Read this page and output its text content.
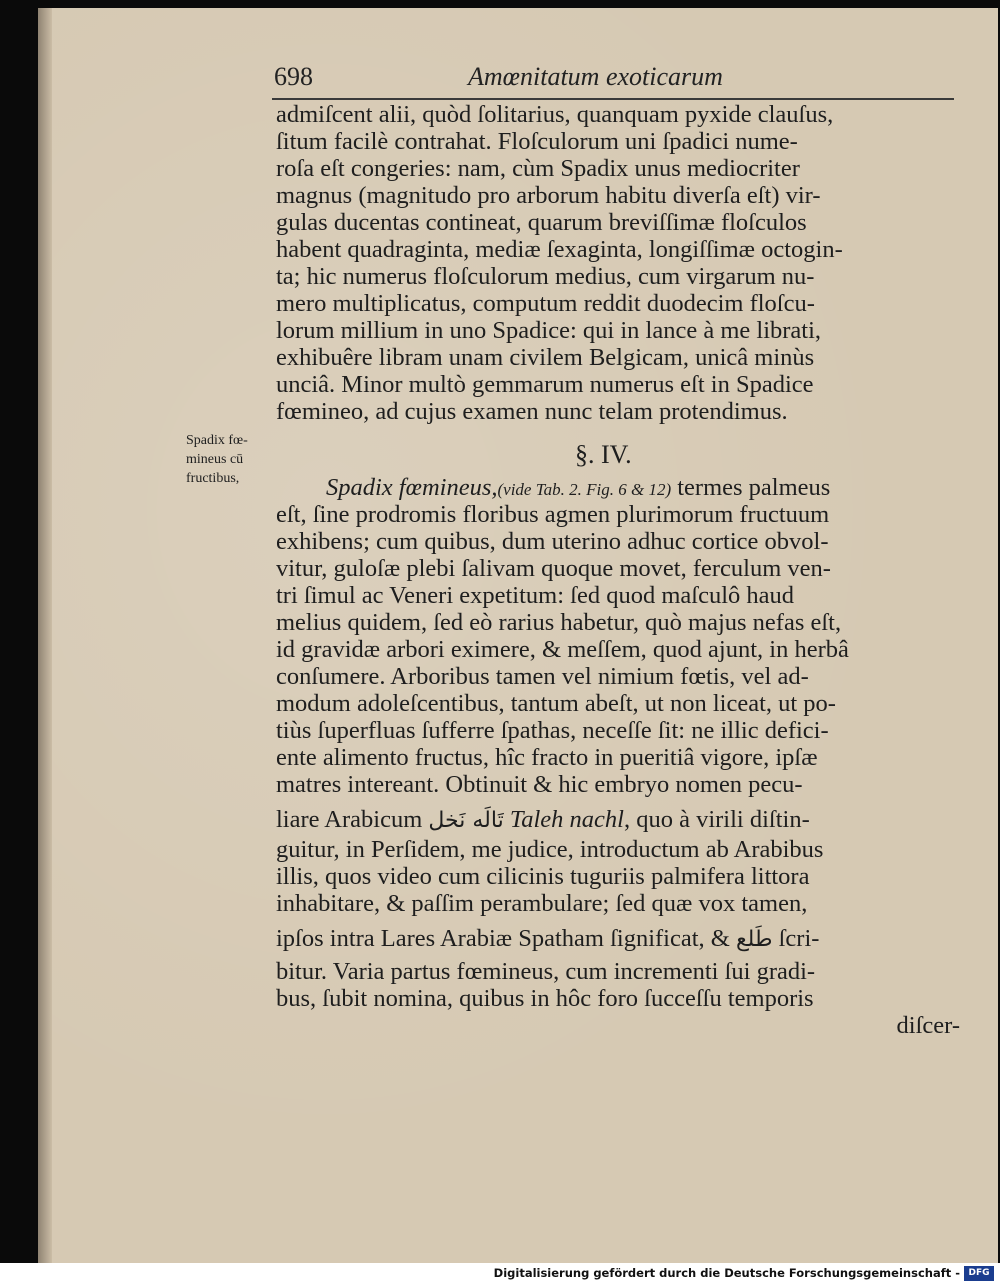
698	Amœnitatum exoticarum
Spadix fœ-
mineus cū
fructibus,
admiſcent alii, quòd ſolitarius, quanquam pyxide clauſus,
ſitum facilè contrahat. Floſculorum uni ſpadici nume-
roſa eſt congeries: nam, cùm Spadix unus mediocriter
magnus (magnitudo pro arborum habitu diverſa eſt) vir-
gulas ducentas contineat, quarum breviſſimæ floſculos
habent quadraginta, mediæ ſexaginta, longiſſimæ octogin-
ta; hic numerus floſculorum medius, cum virgarum nu-
mero multiplicatus, computum reddit duodecim floſcu-
lorum millium in uno Spadice: qui in lance à me librati,
exhibuêre libram unam civilem Belgicam, unicâ minùs
unciâ. Minor multò gemmarum numerus eſt in Spadice
fœmineo, ad cujus examen nunc telam protendimus.
§. IV.
Spadix fœmineus,(vide Tab. 2. Fig. 6 & 12) termes palmeus
eſt, ſine prodromis floribus agmen plurimorum fructuum
exhibens; cum quibus, dum uterino adhuc cortice obvol-
vitur, guloſæ plebi ſalivam quoque movet, ferculum ven-
tri ſimul ac Veneri expetitum: ſed quod maſculô haud
melius quidem, ſed eò rarius habetur, quò majus nefas eſt,
id gravidæ arbori eximere, & meſſem, quod ajunt, in herbâ
conſumere. Arboribus tamen vel nimium fœtis, vel ad-
modum adoleſcentibus, tantum abeſt, ut non liceat, ut po-
tiùs ſuperfluas ſufferre ſpathas, neceſſe ſit: ne illic defici-
ente alimento fructus, hîc fracto in pueritiâ vigore, ipſæ
matres intereant. Obtinuit & hic embryo nomen pecu-
liare Arabicum تَالَه نَخل Taleh nachl, quo à virili diſtin-
guitur, in Perſidem, me judice, introductum ab Arabibus
illis, quos video cum cilicinis tuguriis palmifera littora
inhabitare, & paſſim perambulare; ſed quæ vox tamen,
ipſos intra Lares Arabiæ Spatham ſignificat, & طَلع ſcri-
bitur. Varia partus fœmineus, cum incrementi ſui gradi-
bus, ſubit nomina, quibus in hôc foro ſucceſſu temporis
diſcer-
Digitalisierung gefördert durch die Deutsche Forschungsgemeinschaft - DFG
